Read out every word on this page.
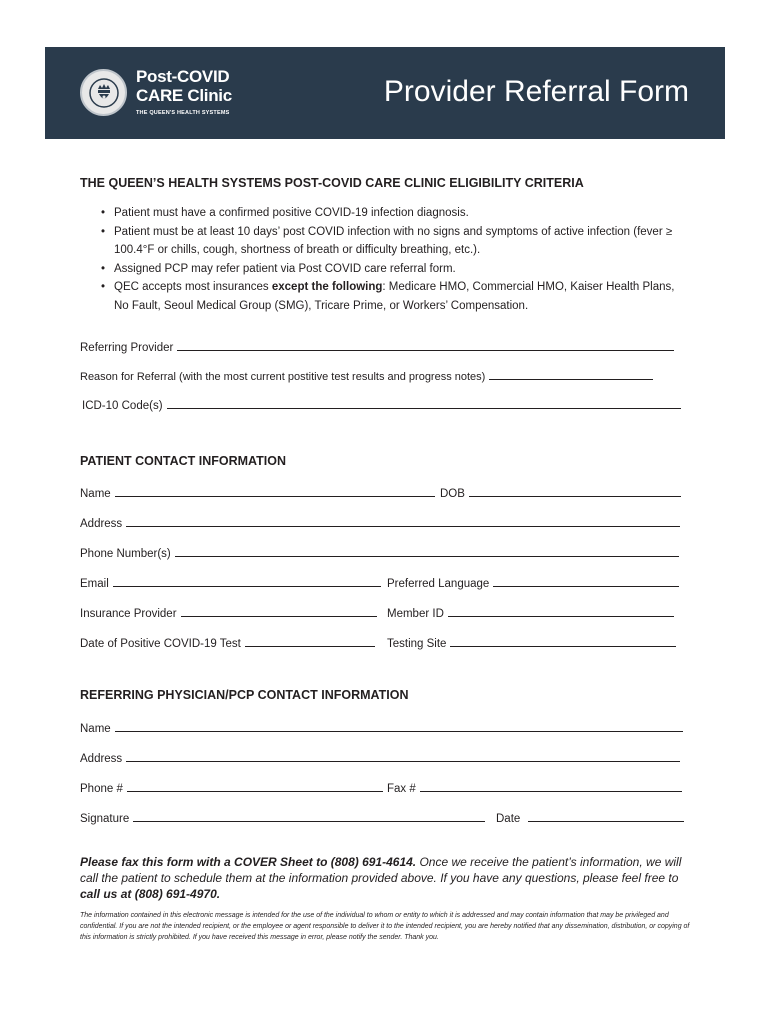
Post-COVID
CARE Clinic
THE QUEEN'S HEALTH SYSTEMS
Provider Referral Form
THE QUEEN’S HEALTH SYSTEMS POST-COVID CARE CLINIC ELIGIBILITY CRITERIA
• Patient must have a confirmed positive COVID-19 infection diagnosis.
• Patient must be at least 10 days’ post COVID infection with no signs and symptoms of active infection (fever ≥ 100.4°F or chills, cough, shortness of breath or difficulty breathing, etc.).
• Assigned PCP may refer patient via Post COVID care referral form.
• QEC accepts most insurances except the following: Medicare HMO, Commercial HMO, Kaiser Health Plans, No Fault, Seoul Medical Group (SMG), Tricare Prime, or Workers’ Compensation.
Referring Provider
Reason for Referral (with the most current postitive test results and progress notes)
ICD-10 Code(s)
PATIENT CONTACT INFORMATION
Name	DOB
Address
Phone Number(s)
Email	Preferred Language
Insurance Provider	Member ID
Date of Positive COVID-19 Test	Testing Site
REFERRING PHYSICIAN/PCP CONTACT INFORMATION
Name
Address
Phone #	Fax #
Signature	Date
Please fax this form with a COVER Sheet to (808) 691-4614. Once we receive the patient’s information, we will call the patient to schedule them at the information provided above. If you have any questions, please feel free to call us at (808) 691-4970.
The information contained in this electronic message is intended for the use of the individual to whom or entity to which it is addressed and may contain information that may be privileged and confidential. If you are not the intended recipient, or the employee or agent responsible to deliver it to the intended recipient, you are hereby notified that any dissemination, distribution, or copying of this information is strictly prohibited. If you have received this message in error, please notify the sender. Thank you.
